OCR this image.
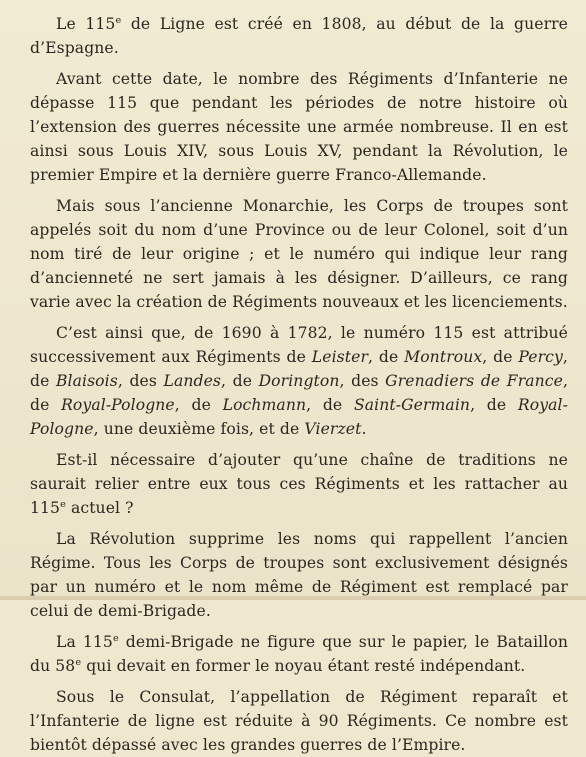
Le 115e de Ligne est créé en 1808, au début de la guerre d’Espagne.

Avant cette date, le nombre des Régiments d’Infanterie ne dépasse 115 que pendant les périodes de notre histoire où l’extension des guerres nécessite une armée nombreuse. Il en est ainsi sous Louis XIV, sous Louis XV, pendant la Révolution, le premier Empire et la dernière guerre Franco-Allemande.

Mais sous l’ancienne Monarchie, les Corps de troupes sont appelés soit du nom d’une Province ou de leur Colonel, soit d’un nom tiré de leur origine ; et le numéro qui indique leur rang d’ancienneté ne sert jamais à les désigner. D’ailleurs, ce rang varie avec la création de Régiments nouveaux et les licenciements.

C’est ainsi que, de 1690 à 1782, le numéro 115 est attribué successivement aux Régiments de Leister, de Montroux, de Percy, de Blaisois, des Landes, de Dorington, des Grenadiers de France, de Royal-Pologne, de Lochmann, de Saint-Germain, de Royal-Pologne, une deuxième fois, et de Vierzet.

Est-il nécessaire d’ajouter qu’une chaîne de traditions ne saurait relier entre eux tous ces Régiments et les rattacher au 115e actuel ?

La Révolution supprime les noms qui rappellent l’ancien Régime. Tous les Corps de troupes sont exclusivement désignés par un numéro et le nom même de Régiment est remplacé par celui de demi-Brigade.

La 115e demi-Brigade ne figure que sur le papier, le Bataillon du 58e qui devait en former le noyau étant resté indépendant.

Sous le Consulat, l’appellation de Régiment reparaît et l’Infanterie de ligne est réduite à 90 Régiments. Ce nombre est bientôt dépassé avec les grandes guerres de l’Empire.
